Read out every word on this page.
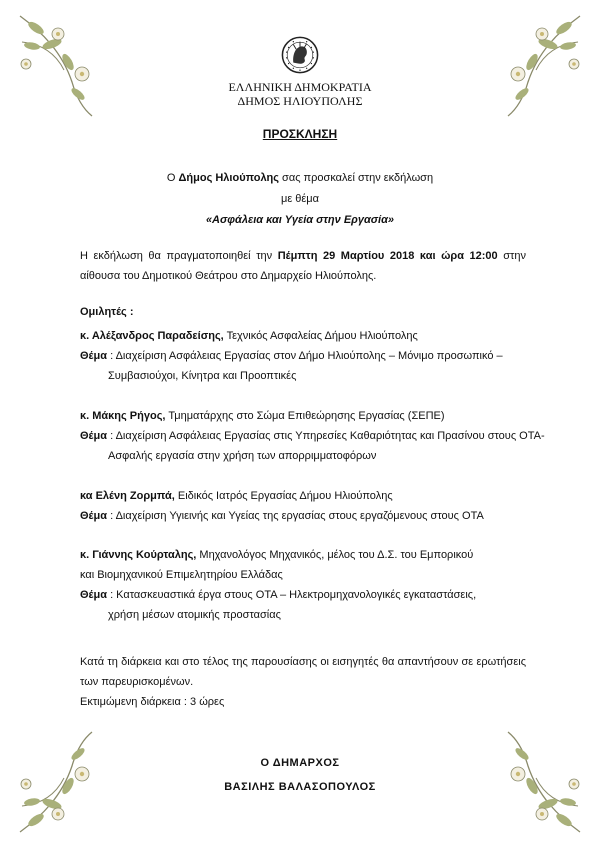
ΕΛΛΗΝΙΚΗ ΔΗΜΟΚΡΑΤΙΑ
ΔΗΜΟΣ ΗΛΙΟΥΠΟΛΗΣ
ΠΡΟΣΚΛΗΣΗ
Ο Δήμος Ηλιούπολης σας προσκαλεί στην εκδήλωση
με θέμα
«Ασφάλεια και Υγεία στην Εργασία»
Η εκδήλωση θα πραγματοποιηθεί την Πέμπτη 29 Μαρτίου 2018 και ώρα 12:00 στην αίθουσα του Δημοτικού Θεάτρου στο Δημαρχείο Ηλιούπολης.
Ομιλητές :
κ. Αλέξανδρος Παραδείσης, Τεχνικός Ασφαλείας Δήμου Ηλιούπολης
Θέμα : Διαχείριση Ασφάλειας Εργασίας στον Δήμο Ηλιούπολης – Μόνιμο προσωπικό –
Συμβασιούχοι, Κίνητρα και Προοπτικές
κ. Μάκης Ρήγος, Τμηματάρχης στο Σώμα Επιθεώρησης Εργασίας (ΣΕΠΕ)
Θέμα : Διαχείριση Ασφάλειας Εργασίας στις Υπηρεσίες Καθαριότητας και Πρασίνου στους ΟΤΑ-
Ασφαλής εργασία στην χρήση των απορριμματοφόρων
κα Ελένη Ζορμπά, Ειδικός Ιατρός Εργασίας Δήμου Ηλιούπολης
Θέμα : Διαχείριση Υγιεινής και Υγείας της εργασίας στους εργαζόμενους στους ΟΤΑ
κ. Γιάννης Κούρταλης, Μηχανολόγος Μηχανικός, μέλος του Δ.Σ. του Εμπορικού
και Βιομηχανικού Επιμελητηρίου Ελλάδας
Θέμα : Κατασκευαστικά έργα στους ΟΤΑ – Ηλεκτρομηχανολογικές εγκαταστάσεις,
χρήση μέσων ατομικής προστασίας
Κατά τη διάρκεια και στο τέλος της παρουσίασης οι εισηγητές θα απαντήσουν σε ερωτήσεις των παρευρισκομένων.
Εκτιμώμενη διάρκεια : 3 ώρες
Ο ΔΗΜΑΡΧΟΣ
ΒΑΣΙΛΗΣ ΒΑΛΑΣΟΠΟΥΛΟΣ
